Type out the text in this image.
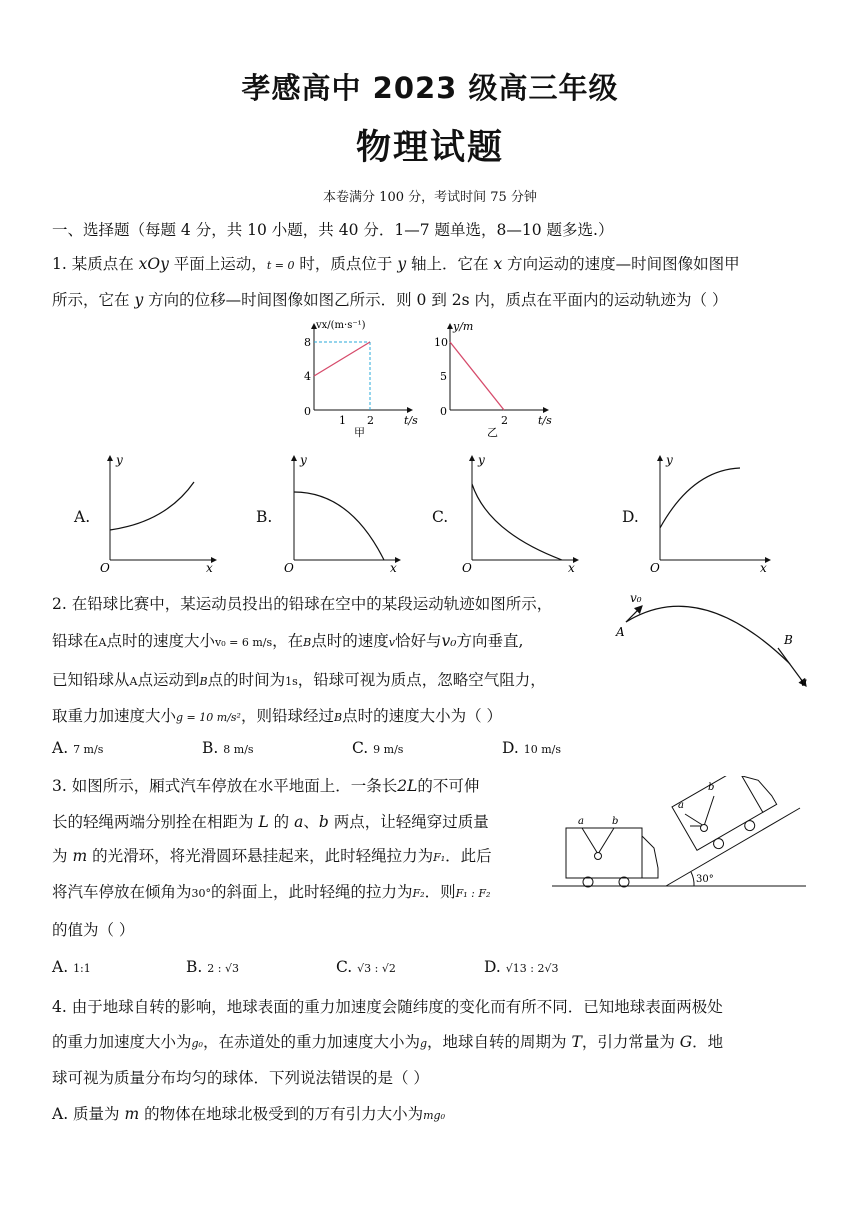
孝感高中 2023 级高三年级
物理试题
本卷满分 100 分，考试时间 75 分钟
一、选择题（每题 4 分，共 10 小题，共 40 分．1—7 题单选，8—10 题多选.）
1. 某质点在 xOy 平面上运动，t = 0 时，质点位于 y 轴上．它在 x 方向运动的速度—时间图像如图甲
所示，它在 y 方向的位移—时间图像如图乙所示．则 0 到 2s 内，质点在平面内的运动轨迹为（ ）
vx/(m·s⁻¹)
8
4
0
1 2	t/s
甲
y/m
10
5
0
2	t/s
乙
A.
y
O	x
B.
y
O	x
C.
y
O	x
D.
y
O	x
2. 在铅球比赛中，某运动员投出的铅球在空中的某段运动轨迹如图所示，
铅球在A点时的速度大小v₀ = 6 m/s，在B点时的速度v恰好与v₀方向垂直,
已知铅球从A点运动到B点的时间为1s，铅球可视为质点，忽略空气阻力，
取重力加速度大小g = 10 m/s²，则铅球经过B点时的速度大小为（ ）
v₀
A
B
v
A. 7 m/s	B. 8 m/s	C. 9 m/s	D. 10 m/s
3. 如图所示，厢式汽车停放在水平地面上．一条长2L的不可伸
长的轻绳两端分别拴在相距为 L 的 a、b 两点，让轻绳穿过质量
为 m 的光滑环，将光滑圆环悬挂起来，此时轻绳拉力为F₁．此后
将汽车停放在倾角为30°的斜面上，此时轻绳的拉力为F₂．则F₁ : F₂
的值为（ ）
a	b
30°
a
b
A. 1:1	B. 2 : √3	C. √3 : √2	D. √13 : 2√3
4. 由于地球自转的影响，地球表面的重力加速度会随纬度的变化而有所不同．已知地球表面两极处
的重力加速度大小为g₀，在赤道处的重力加速度大小为g，地球自转的周期为 T，引力常量为 G．地
球可视为质量分布均匀的球体．下列说法错误的是（ ）
A. 质量为 m 的物体在地球北极受到的万有引力大小为mg₀
